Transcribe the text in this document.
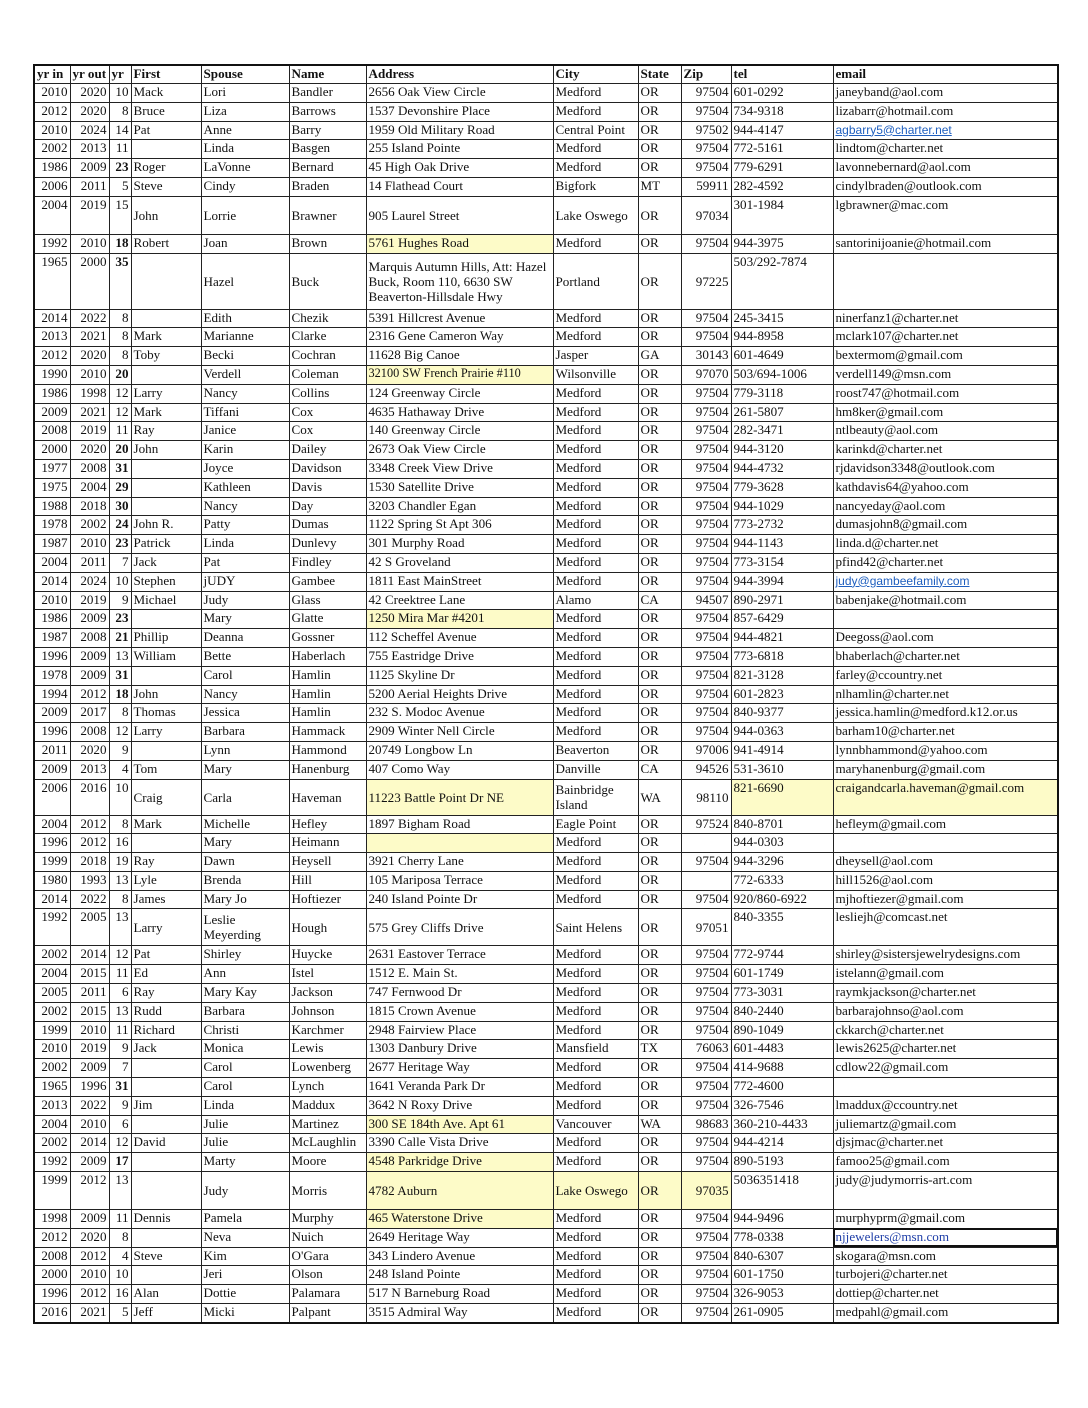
yr in	yr out	yr	First	Spouse	Name	Address	City	State	Zip	tel	email
2010	2020	10	Mack	Lori	Bandler	2656 Oak View Circle	Medford	OR	97504	601-0292	janeyband@aol.com
2012	2020	8	Bruce	Liza	Barrows	1537 Devonshire Place	Medford	OR	97504	734-9318	lizabarr@hotmail.com
2010	2024	14	Pat	Anne	Barry	1959 Old Military Road	Central Point	OR	97502	944-4147	agbarry5@charter.net
2002	2013	11		Linda	Basgen	255 Island Pointe	Medford	OR	97504	772-5161	lindtom@charter.net
1986	2009	23	Roger	LaVonne	Bernard	45 High Oak Drive	Medford	OR	97504	779-6291	lavonnebernard@aol.com
2006	2011	5	Steve	Cindy	Braden	14 Flathead Court	Bigfork	MT	59911	282-4592	cindylbraden@outlook.com
2004	2019	15	John	Lorrie	Brawner	905 Laurel Street	Lake Oswego	OR	97034	301-1984	lgbrawner@mac.com
1992	2010	18	Robert	Joan	Brown	5761 Hughes Road	Medford	OR	97504	944-3975	santorinijoanie@hotmail.com
1965	2000	35		Hazel	Buck	Marquis Autumn Hills, Att: Hazel Buck, Room 110, 6630 SW Beaverton-Hillsdale Hwy	Portland	OR	97225	503/292-7874	
2014	2022	8		Edith	Chezik	5391 Hillcrest Avenue	Medford	OR	97504	245-3415	ninerfanz1@charter.net
2013	2021	8	Mark	Marianne	Clarke	2316 Gene Cameron Way	Medford	OR	97504	944-8958	mclark107@charter.net
2012	2020	8	Toby	Becki	Cochran	11628 Big Canoe	Jasper	GA	30143	601-4649	bextermom@gmail.com
1990	2010	20		Verdell	Coleman	32100 SW French Prairie #110	Wilsonville	OR	97070	503/694-1006	verdell149@msn.com
1986	1998	12	Larry	Nancy	Collins	124 Greenway Circle	Medford	OR	97504	779-3118	roost747@hotmail.com
2009	2021	12	Mark	Tiffani	Cox	4635 Hathaway Drive	Medford	OR	97504	261-5807	hm8ker@gmail.com
2008	2019	11	Ray	Janice	Cox	140 Greenway Circle	Medford	OR	97504	282-3471	ntlbeauty@aol.com
2000	2020	20	John	Karin	Dailey	2673 Oak View Circle	Medford	OR	97504	944-3120	karinkd@charter.net
1977	2008	31		Joyce	Davidson	3348 Creek View Drive	Medford	OR	97504	944-4732	rjdavidson3348@outlook.com
1975	2004	29		Kathleen	Davis	1530 Satellite Drive	Medford	OR	97504	779-3628	kathdavis64@yahoo.com
1988	2018	30		Nancy	Day	3203 Chandler Egan	Medford	OR	97504	944-1029	nancyeday@aol.com
1978	2002	24	John R.	Patty	Dumas	1122 Spring St Apt 306	Medford	OR	97504	773-2732	dumasjohn8@gmail.com
1987	2010	23	Patrick	Linda	Dunlevy	301 Murphy Road	Medford	OR	97504	944-1143	linda.d@charter.net
2004	2011	7	Jack	Pat	Findley	42 S Groveland	Medford	OR	97504	773-3154	pfind42@charter.net
2014	2024	10	Stephen	jUDY	Gambee	1811 East MainStreet	Medford	OR	97504	944-3994	judy@gambeefamily.com
2010	2019	9	Michael	Judy	Glass	42 Creektree Lane	Alamo	CA	94507	890-2971	babenjake@hotmail.com
1986	2009	23		Mary	Glatte	1250 Mira Mar #4201	Medford	OR	97504	857-6429	
1987	2008	21	Phillip	Deanna	Gossner	112 Scheffel Avenue	Medford	OR	97504	944-4821	Deegoss@aol.com
1996	2009	13	William	Bette	Haberlach	755 Eastridge Drive	Medford	OR	97504	773-6818	bhaberlach@charter.net
1978	2009	31		Carol	Hamlin	1125 Skyline Dr	Medford	OR	97504	821-3128	farley@ccountry.net
1994	2012	18	John	Nancy	Hamlin	5200 Aerial Heights Drive	Medford	OR	97504	601-2823	nlhamlin@charter.net
2009	2017	8	Thomas	Jessica	Hamlin	232 S. Modoc Avenue	Medford	OR	97504	840-9377	jessica.hamlin@medford.k12.or.us
1996	2008	12	Larry	Barbara	Hammack	2909 Winter Nell Circle	Medford	OR	97504	944-0363	barham10@charter.net
2011	2020	9		Lynn	Hammond	20749 Longbow Ln	Beaverton	OR	97006	941-4914	lynnbhammond@yahoo.com
2009	2013	4	Tom	Mary	Hanenburg	407 Como Way	Danville	CA	94526	531-3610	maryhanenburg@gmail.com
2006	2016	10	Craig	Carla	Haveman	11223 Battle Point Dr NE	Bainbridge Island	WA	98110	821-6690	craigandcarla.haveman@gmail.com
2004	2012	8	Mark	Michelle	Hefley	1897 Bigham Road	Eagle Point	OR	97524	840-8701	hefleym@gmail.com
1996	2012	16		Mary	Heimann		Medford	OR		944-0303	
1999	2018	19	Ray	Dawn	Heysell	3921 Cherry Lane	Medford	OR	97504	944-3296	dheysell@aol.com
1980	1993	13	Lyle	Brenda	Hill	105 Mariposa Terrace	Medford	OR		772-6333	hill1526@aol.com
2014	2022	8	James	Mary Jo	Hoftiezer	240 Island Pointe Dr	Medford	OR	97504	920/860-6922	mjhoftiezer@gmail.com
1992	2005	13	Larry	Leslie Meyerding	Hough	575 Grey Cliffs Drive	Saint Helens	OR	97051	840-3355	lesliejh@comcast.net
2002	2014	12	Pat	Shirley	Huycke	2631 Eastover Terrace	Medford	OR	97504	772-9744	shirley@sistersjewelrydesigns.com
2004	2015	11	Ed	Ann	Istel	1512 E. Main St.	Medford	OR	97504	601-1749	istelann@gmail.com
2005	2011	6	Ray	Mary Kay	Jackson	747 Fernwood Dr	Medford	OR	97504	773-3031	raymkjackson@charter.net
2002	2015	13	Rudd	Barbara	Johnson	1815 Crown Avenue	Medford	OR	97504	840-2440	barbarajohnso@aol.com
1999	2010	11	Richard	Christi	Karchmer	2948 Fairview Place	Medford	OR	97504	890-1049	ckkarch@charter.net
2010	2019	9	Jack	Monica	Lewis	1303 Danbury Drive	Mansfield	TX	76063	601-4483	lewis2625@charter.net
2002	2009	7		Carol	Lowenberg	2677 Heritage Way	Medford	OR	97504	414-9688	cdlow22@gmail.com
1965	1996	31		Carol	Lynch	1641 Veranda Park Dr	Medford	OR	97504	772-4600	
2013	2022	9	Jim	Linda	Maddux	3642 N Roxy Drive	Medford	OR	97504	326-7546	lmaddux@ccountry.net
2004	2010	6		Julie	Martinez	300 SE 184th Ave. Apt 61	Vancouver	WA	98683	360-210-4433	juliemartz@gmail.com
2002	2014	12	David	Julie	McLaughlin	3390 Calle Vista Drive	Medford	OR	97504	944-4214	djsjmac@charter.net
1992	2009	17		Marty	Moore	4548 Parkridge Drive	Medford	OR	97504	890-5193	famoo25@gmail.com
1999	2012	13		Judy	Morris	4782 Auburn	Lake Oswego	OR	97035	5036351418	judy@judymorris-art.com
1998	2009	11	Dennis	Pamela	Murphy	465 Waterstone Drive	Medford	OR	97504	944-9496	murphyprm@gmail.com
2012	2020	8		Neva	Nuich	2649 Heritage Way	Medford	OR	97504	778-0338	njjewelers@msn.com
2008	2012	4	Steve	Kim	O'Gara	343 Lindero Avenue	Medford	OR	97504	840-6307	skogara@msn.com
2000	2010	10		Jeri	Olson	248 Island Pointe	Medford	OR	97504	601-1750	turbojeri@charter.net
1996	2012	16	Alan	Dottie	Palamara	517 N Barneburg Road	Medford	OR	97504	326-9053	dottiep@charter.net
2016	2021	5	Jeff	Micki	Palpant	3515 Admiral Way	Medford	OR	97504	261-0905	medpahl@gmail.com
